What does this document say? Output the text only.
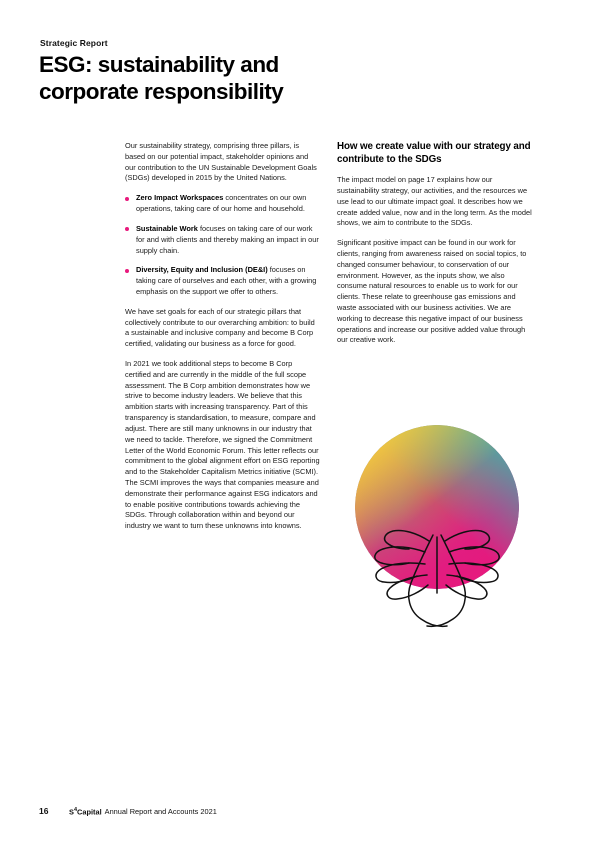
Strategic Report
ESG: sustainability and
corporate responsibility

Our sustainability strategy, comprising three pillars, is based on our potential impact, stakeholder opinions and our contribution to the UN Sustainable Development Goals (SDGs) developed in 2015 by the United Nations.

Zero Impact Workspaces concentrates on our own operations, taking care of our home and household.
Sustainable Work focuses on taking care of our work for and with clients and thereby making an impact in our supply chain.
Diversity, Equity and Inclusion (DE&I) focuses on taking care of ourselves and each other, with a growing emphasis on the support we offer to others.

We have set goals for each of our strategic pillars that collectively contribute to our overarching ambition: to build a sustainable and inclusive company and become B Corp certified, validating our business as a force for good.

In 2021 we took additional steps to become B Corp certified and are currently in the middle of the full scope assessment. The B Corp ambition demonstrates how we strive to become industry leaders. We believe that this ambition starts with increasing transparency. Part of this transparency is standardisation, to measure, compare and adjust. There are still many unknowns in our industry that we need to tackle. Therefore, we signed the Commitment Letter of the World Economic Forum. This letter reflects our commitment to the global alignment effort on ESG reporting and to the Stakeholder Capitalism Metrics initiative (SCMI). The SCMI improves the ways that companies measure and demonstrate their performance against ESG indicators and to enable positive contributions towards achieving the SDGs. Through collaboration within and beyond our industry we want to turn these unknowns into knowns.

How we create value with our strategy and contribute to the SDGs

The impact model on page 17 explains how our sustainability strategy, our activities, and the resources we use lead to our ultimate impact goal. It describes how we create added value, now and in the long term. As the model shows, we aim to contribute to the SDGs.

Significant positive impact can be found in our work for clients, ranging from awareness raised on social topics, to changed consumer behaviour, to conservation of our environment. However, as the inputs show, we also consume natural resources to enable us to work for our clients. These relate to greenhouse gas emissions and waste associated with our business activities. We are working to decrease this negative impact of our business operations and increase our positive added value through our creative work.

16	$S^4Capital$ Annual Report and Accounts 2021
